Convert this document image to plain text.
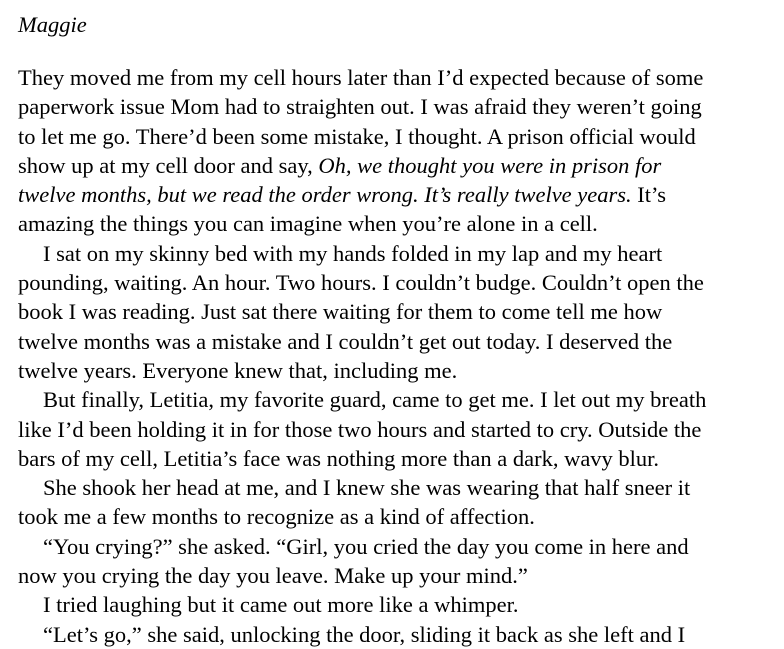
Maggie
They moved me from my cell hours later than I’d expected because of some
paperwork issue Mom had to straighten out. I was afraid they weren’t going
to let me go. There’d been some mistake, I thought. A prison official would
show up at my cell door and say, Oh, we thought you were in prison for
twelve months, but we read the order wrong. It’s really twelve years. It’s
amazing the things you can imagine when you’re alone in a cell.
I sat on my skinny bed with my hands folded in my lap and my heart
pounding, waiting. An hour. Two hours. I couldn’t budge. Couldn’t open the
book I was reading. Just sat there waiting for them to come tell me how
twelve months was a mistake and I couldn’t get out today. I deserved the
twelve years. Everyone knew that, including me.
But finally, Letitia, my favorite guard, came to get me. I let out my breath
like I’d been holding it in for those two hours and started to cry. Outside the
bars of my cell, Letitia’s face was nothing more than a dark, wavy blur.
She shook her head at me, and I knew she was wearing that half sneer it
took me a few months to recognize as a kind of affection.
“You crying?” she asked. “Girl, you cried the day you come in here and
now you crying the day you leave. Make up your mind.”
I tried laughing but it came out more like a whimper.
“Let’s go,” she said, unlocking the door, sliding it back as she left and I
